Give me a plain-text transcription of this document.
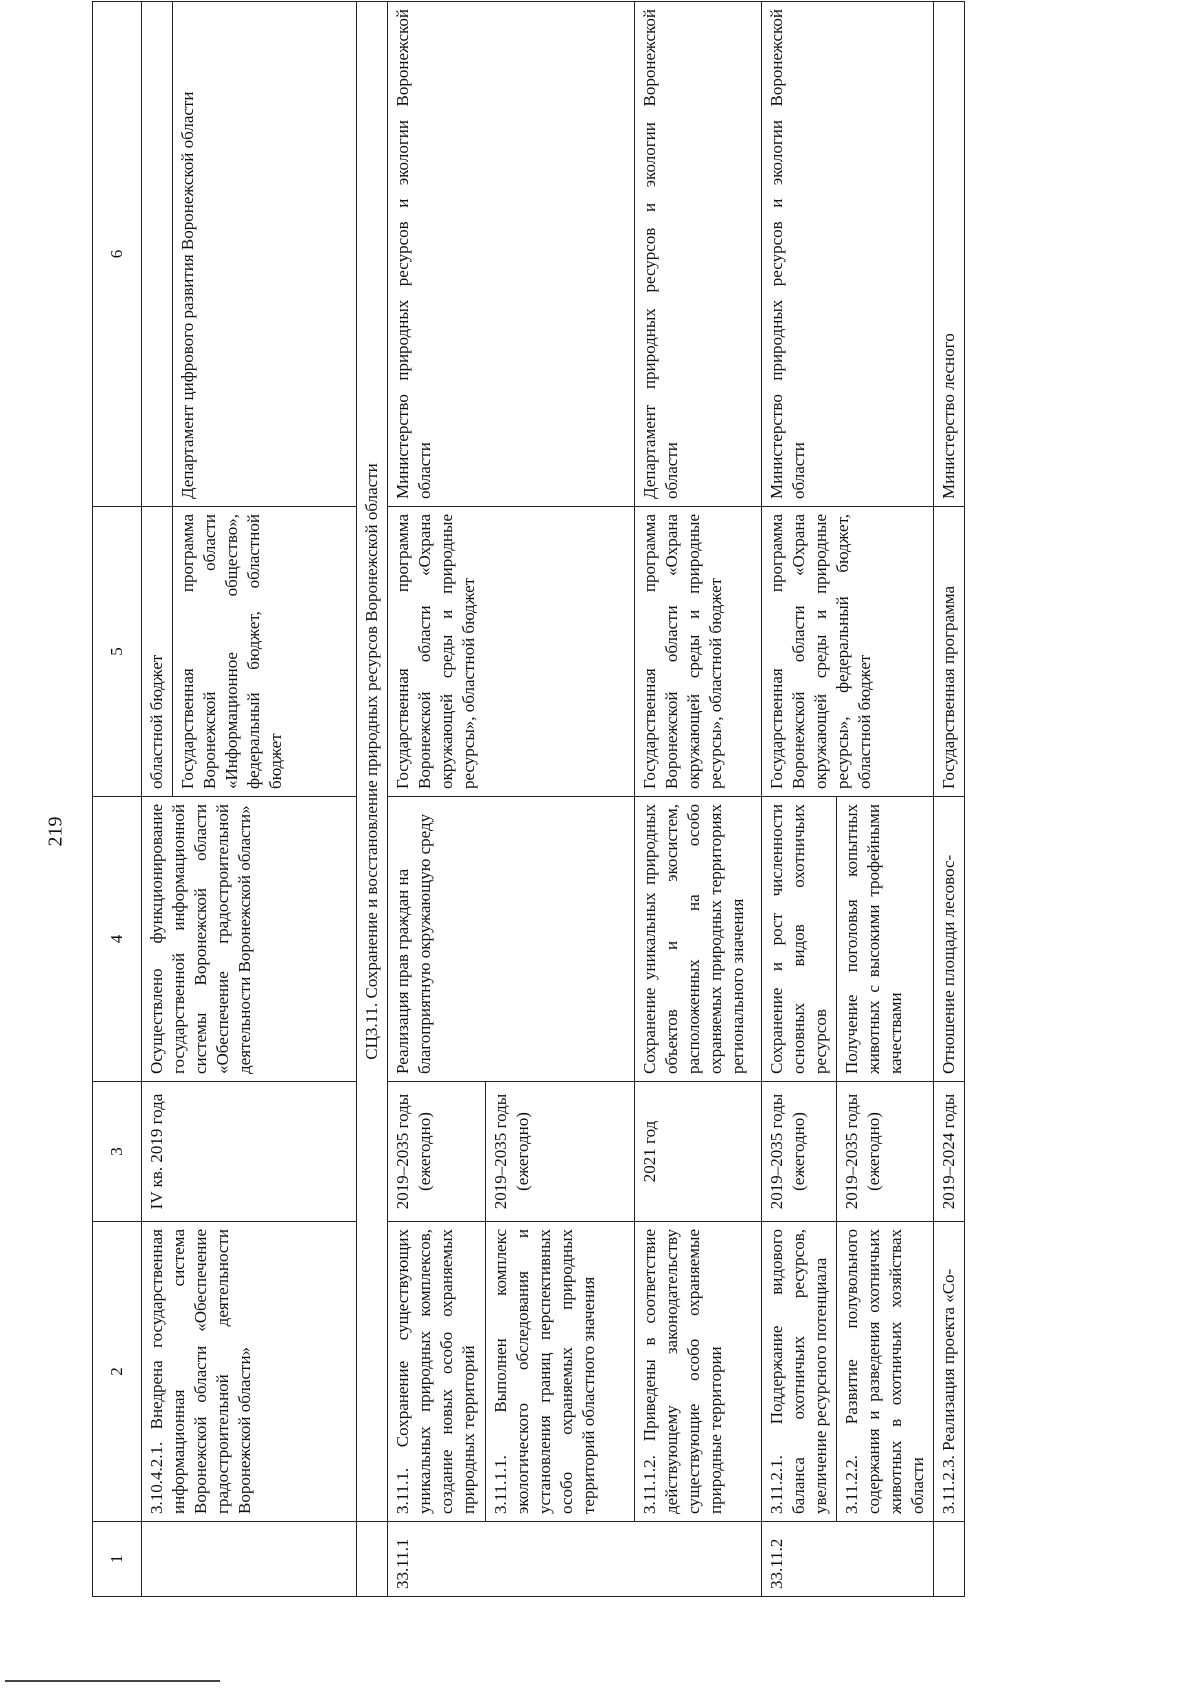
219
1	2	3	4	5	6
	3.10.4.2.1. Внедрена государственная информационная система Воронежской области «Обеспечение градостроительной деятельности Воронежской области»	IV кв. 2019 года	Осуществлено функционирование государственной информационной системы Воронежской области «Обеспечение градостроительной деятельности Воронежской области»	областной бюджет	
				Государственная программа Воронежской области «Информационное общество», федеральный бюджет, областной бюджет	Департамент цифрового развития Воронежской области
	СЦ3.11. Сохранение и восстановление природных ресурсов Воронежской области				
33.11.1	3.11.1. Сохранение существующих уникальных природных комплексов, создание новых особо охраняемых природных территорий	2019–2035 годы (ежегодно)	Реализация прав граждан на благоприятную окружающую среду	Государственная программа Воронежской области «Охрана окружающей среды и природные ресурсы», областной бюджет	Министерство природных ресурсов и экологии Воронежской области
	3.11.1.1. Выполнен комплекс экологического обследования и установления границ перспективных особо охраняемых природных территорий областного значения	2019–2035 годы (ежегодно)			
	3.11.1.2. Приведены в соответствие действующему законодательству существующие особо охраняемые природные территории	2021 год	Сохранение уникальных природных объектов и экосистем, расположенных на особо охраняемых природных территориях регионального значения	Государственная программа Воронежской области «Охрана окружающей среды и природные ресурсы», областной бюджет	Департамент природных ресурсов и экологии Воронежской области
33.11.2	3.11.2.1. Поддержание видового баланса охотничьих ресурсов, увеличение ресурсного потенциала	2019–2035 годы (ежегодно)	Сохранение и рост численности основных видов охотничьих ресурсов	Государственная программа Воронежской области «Охрана окружающей среды и природные ресурсы», федеральный бюджет, областной бюджет	Министерство природных ресурсов и экологии Воронежской области
	3.11.2.2. Развитие полувольного содержания и разведения охотничьих животных в охотничьих хозяйствах области	2019–2035 годы (ежегодно)	Получение поголовья копытных животных с высокими трофейными качествами		
	3.11.2.3. Реализация проекта «Со-	2019–2024 годы	Отношение площади лесовос-	Государственная программа	Министерство лесного
